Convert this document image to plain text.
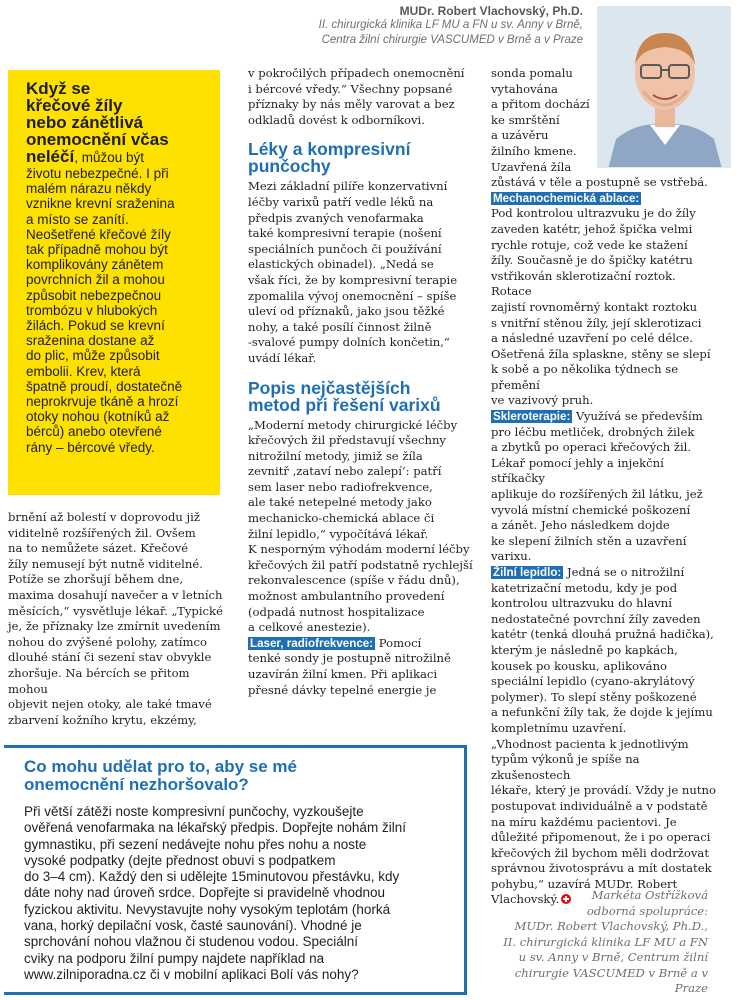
MUDr. Robert Vlachovský, Ph.D.
II. chirurgická klinika LF MU a FN u sv. Anny v Brně,
Centra žilní chirurgie VASCUMED v Brně a v Praze
Když se
křečové žíly
nebo zánětlivá
onemocnění včas
neléčí, můžou být
životu nebezpečné. I při
malém nárazu někdy
vznikne krevní sraženina
a místo se zanítí.
Neošetřené křečové žíly
tak případně mohou být
komplikovány zánětem
povrchních žil a mohou
způsobit nebezpečnou
trombózu v hlubokých
žilách. Pokud se krevní
sraženina dostane až
do plic, může způsobit
embolii. Krev, která
špatně proudí, dostatečně
neprokrvuje tkáně a hrozí
otoky nohou (kotníků až
bérců) anebo otevřené
rány – bércové vředy.

brnění až bolestí v doprovodu již

viditelně rozšířených žil. Ovšem

na to nemůžete sázet. Křečové

žíly nemusejí být nutně viditelné.

Potíže se zhoršují během dne,

maxima dosahují navečer a v letních

měsících,“ vysvětluje lékař. „Typické

je, že příznaky lze zmírnit uvedením

nohou do zvýšené polohy, zatímco

dlouhé stání či sezení stav obvykle

zhoršuje. Na bércích se přitom mohou

objevit nejen otoky, ale také tmavé

zbarvení kožního krytu, ekzémy,

v pokročilých případech onemocnění

i bércové vředy.“ Všechny popsané

příznaky by nás měly varovat a bez

odkladů dovést k odborníkovi.

Léky a kompresivní
punčochy

Mezi základní pilíře konzervativní

léčby varixů patří vedle léků na

předpis zvaných venofarmaka

také kompresivní terapie (nošení

speciálních punčoch či používání

elastických obinadel). „Nedá se

však říci, že by kompresivní terapie

zpomalila vývoj onemocnění – spíše

uleví od příznaků, jako jsou těžké

nohy, a také posílí činnost žilně

-svalové pumpy dolních končetin,“

uvádí lékař.

Popis nejčastějších
metod při řešení varixů

„Moderní metody chirurgické léčby

křečových žil představují všechny

nitrožilní metody, jimiž se žíla

zevnitř ‚zataví nebo zalepí‘: patří

sem laser nebo radiofrekvence,

ale také netepelné metody jako

mechanicko-chemická ablace či

žilní lepidlo,“ vypočítává lékař.

K nesporným výhodám moderní léčby

křečových žil patří podstatně rychlejší

rekonvalescence (spíše v řádu dnů),

možnost ambulantního provedení

(odpadá nutnost hospitalizace

a celkové anestezie).

Laser, radiofrekvence: Pomocí

tenké sondy je postupně nitrožilně

uzavírán žilní kmen. Při aplikaci

přesné dávky tepelné energie je

sonda pomalu

vytahována

a přitom dochází

ke smrštění

a uzávěru

žilního kmene.

Uzavřená žíla

zůstává v těle a postupně se vstřebá.

Mechanochemická ablace:

Pod kontrolou ultrazvuku je do žíly

zaveden katétr, jehož špička velmi

rychle rotuje, což vede ke stažení

žíly. Současně je do špičky katétru

vstřikován sklerotizační roztok. Rotace

zajistí rovnoměrný kontakt roztoku

s vnitřní stěnou žíly, její sklerotizaci

a následné uzavření po celé délce.

Ošetřená žíla splaskne, stěny se slepí

k sobě a po několika týdnech se přemění

ve vazivový pruh.

Skleroterapie: Využívá se především

pro léčbu metliček, drobných žilek

a zbytků po operaci křečových žil.

Lékař pomocí jehly a injekční stříkačky

aplikuje do rozšířených žil látku, jež

vyvolá místní chemické poškození

a zánět. Jeho následkem dojde

ke slepení žilních stěn a uzavření varixu.

Žilní lepidlo: Jedná se o nitrožilní

katetrizační metodu, kdy je pod

kontrolou ultrazvuku do hlavní

nedostatečné povrchní žíly zaveden

katétr (tenká dlouhá pružná hadička),

kterým je následně po kapkách,

kousek po kousku, aplikováno

speciální lepidlo (cyano-akrylátový

polymer). To slepí stěny poškozené

a nefunkční žíly tak, že dojde k jejímu

kompletnímu uzavření.

„Vhodnost pacienta k jednotlivým

typům výkonů je spíše na zkušenostech

lékaře, který je provádí. Vždy je nutno

postupovat individuálně a v podstatě

na míru každému pacientovi. Je

důležité připomenout, že i po operaci

křečových žil bychom měli dodržovat

správnou životosprávu a mít dostatek

pohybu,“ uzavírá MUDr. Robert

Vlachovský.

Co mohu udělat pro to, aby se mé
onemocnění nezhoršovalo?
Při větší zátěži noste kompresivní punčochy, vyzkoušejte
ověřená venofarmaka na lékařský předpis. Dopřejte nohám žilní
gymnastiku, při sezení nedávejte nohu přes nohu a noste
vysoké podpatky (dejte přednost obuvi s podpatkem
do 3–4 cm). Každý den si udělejte 15minutovou přestávku, kdy
dáte nohy nad úroveň srdce. Dopřejte si pravidelně vhodnou
fyzickou aktivitu. Nevystavujte nohy vysokým teplotám (horká
vana, horký depilační vosk, časté saunování). Vhodné je
sprchování nohou vlažnou či studenou vodou. Speciální
cviky na podporu žilní pumpy najdete například na
www.zilniporadna.cz či v mobilní aplikaci Bolí vás nohy?
Markéta Ostřížková
odborná spolupráce:
MUDr. Robert Vlachovský, Ph.D.,
II. chirurgická klinika LF MU a FN
u sv. Anny v Brně, Centrum žilní
chirurgie VASCUMED v Brně a v Praze
